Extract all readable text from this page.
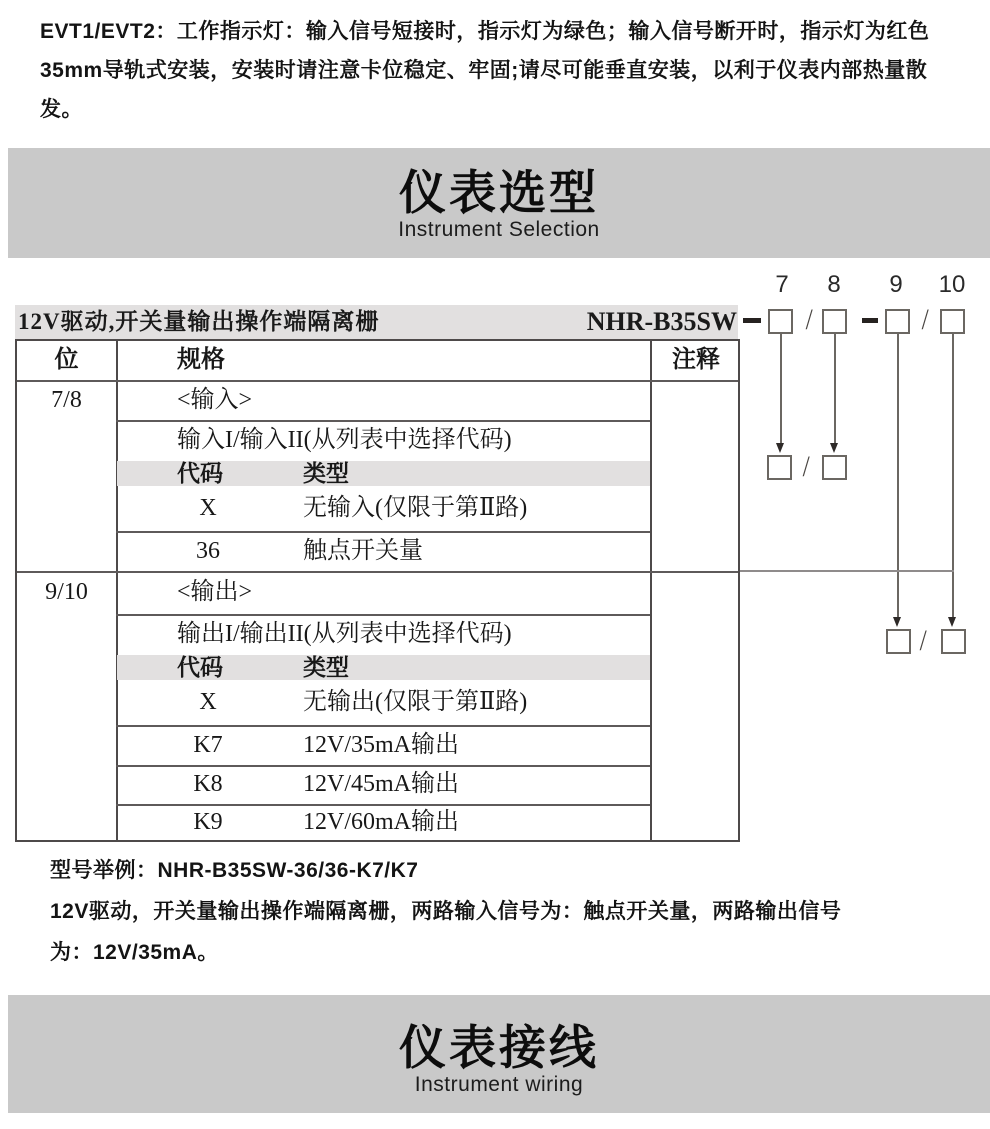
EVT1/EVT2：工作指示灯：输入信号短接时，指示灯为绿色；输入信号断开时，指示灯为红色
35mm导轨式安装，安装时请注意卡位稳定、牢固;请尽可能垂直安装，以利于仪表内部热量散发。
仪表选型
Instrument Selection
7 8 9 10
12V驱动,开关量输出操作端隔离栅	NHR-B35SW /	/
/
/
位	规格	注释
7/8	<输入>
输入I/输入II(从列表中选择代码)
代码	类型
X	无输入(仅限于第Ⅱ路)
36	触点开关量
9/10	<输出>
输出I/输出II(从列表中选择代码)
代码	类型
X	无输出(仅限于第Ⅱ路)
K7	12V/35mA输出
K8	12V/45mA输出
K9	12V/60mA输出
型号举例：NHR-B35SW-36/36-K7/K7
12V驱动，开关量输出操作端隔离栅，两路输入信号为：触点开关量，两路输出信号
为：12V/35mA。
仪表接线
Instrument wiring
